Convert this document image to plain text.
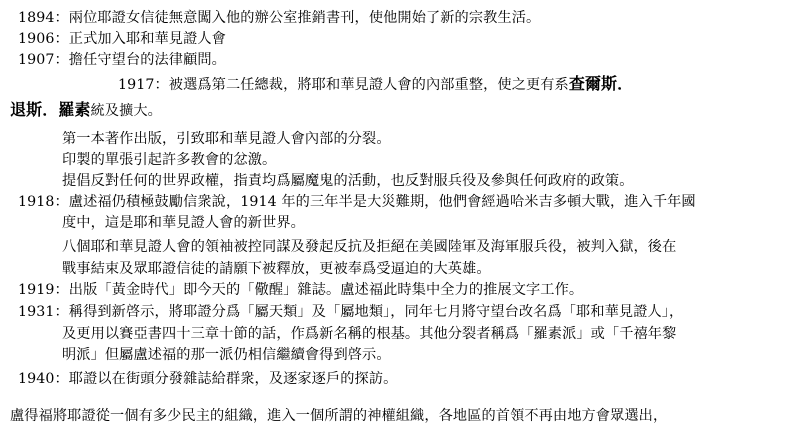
1894：兩位耶證女信徒無意闖入他的辦公室推銷書刊，使他開始了新的宗教生活。
1906：正式加入耶和華見證人會
1907：擔任守望台的法律顧問。
1917：被選爲第二任總裁，將耶和華見證人會的內部重整，使之更有系查爾斯．
退斯．羅素統及擴大。
第一本著作出版，引致耶和華見證人會內部的分裂。
印製的單張引起許多教會的忿激。
提倡反對任何的世界政權，指責均爲屬魔鬼的活動，也反對服兵役及參與任何政府的政策。
1918：盧述福仍積極鼓勵信衆說，1914 年的三年半是大災難期，他們會經過哈米吉多頓大戰，進入千年國
度中，這是耶和華見證人會的新世界。
八個耶和華見證人會的領袖被控同謀及發起反抗及拒絕在美國陸軍及海軍服兵役，被判入獄，後在
戰事結束及眾耶證信徒的請願下被釋放，更被奉爲受逼迫的大英雄。
1919：出版「黃金時代」即今天的「儆醒」雜誌。盧述福此時集中全力的推展文字工作。
1931：稱得到新啓示，將耶證分爲「屬天類」及「屬地類」，同年七月將守望台改名爲「耶和華見證人」，
及更用以賽亞書四十三章十節的話，作爲新名稱的根基。其他分裂者稱爲「羅素派」或「千禧年黎
明派」但屬盧述福的那一派仍相信繼續會得到啓示。
1940：耶證以在街頭分發雜誌給群衆，及逐家逐戶的探訪。
盧得福將耶證從一個有多少民主的組織，進入一個所謂的神權組織，各地區的首領不再由地方會眾選出，
